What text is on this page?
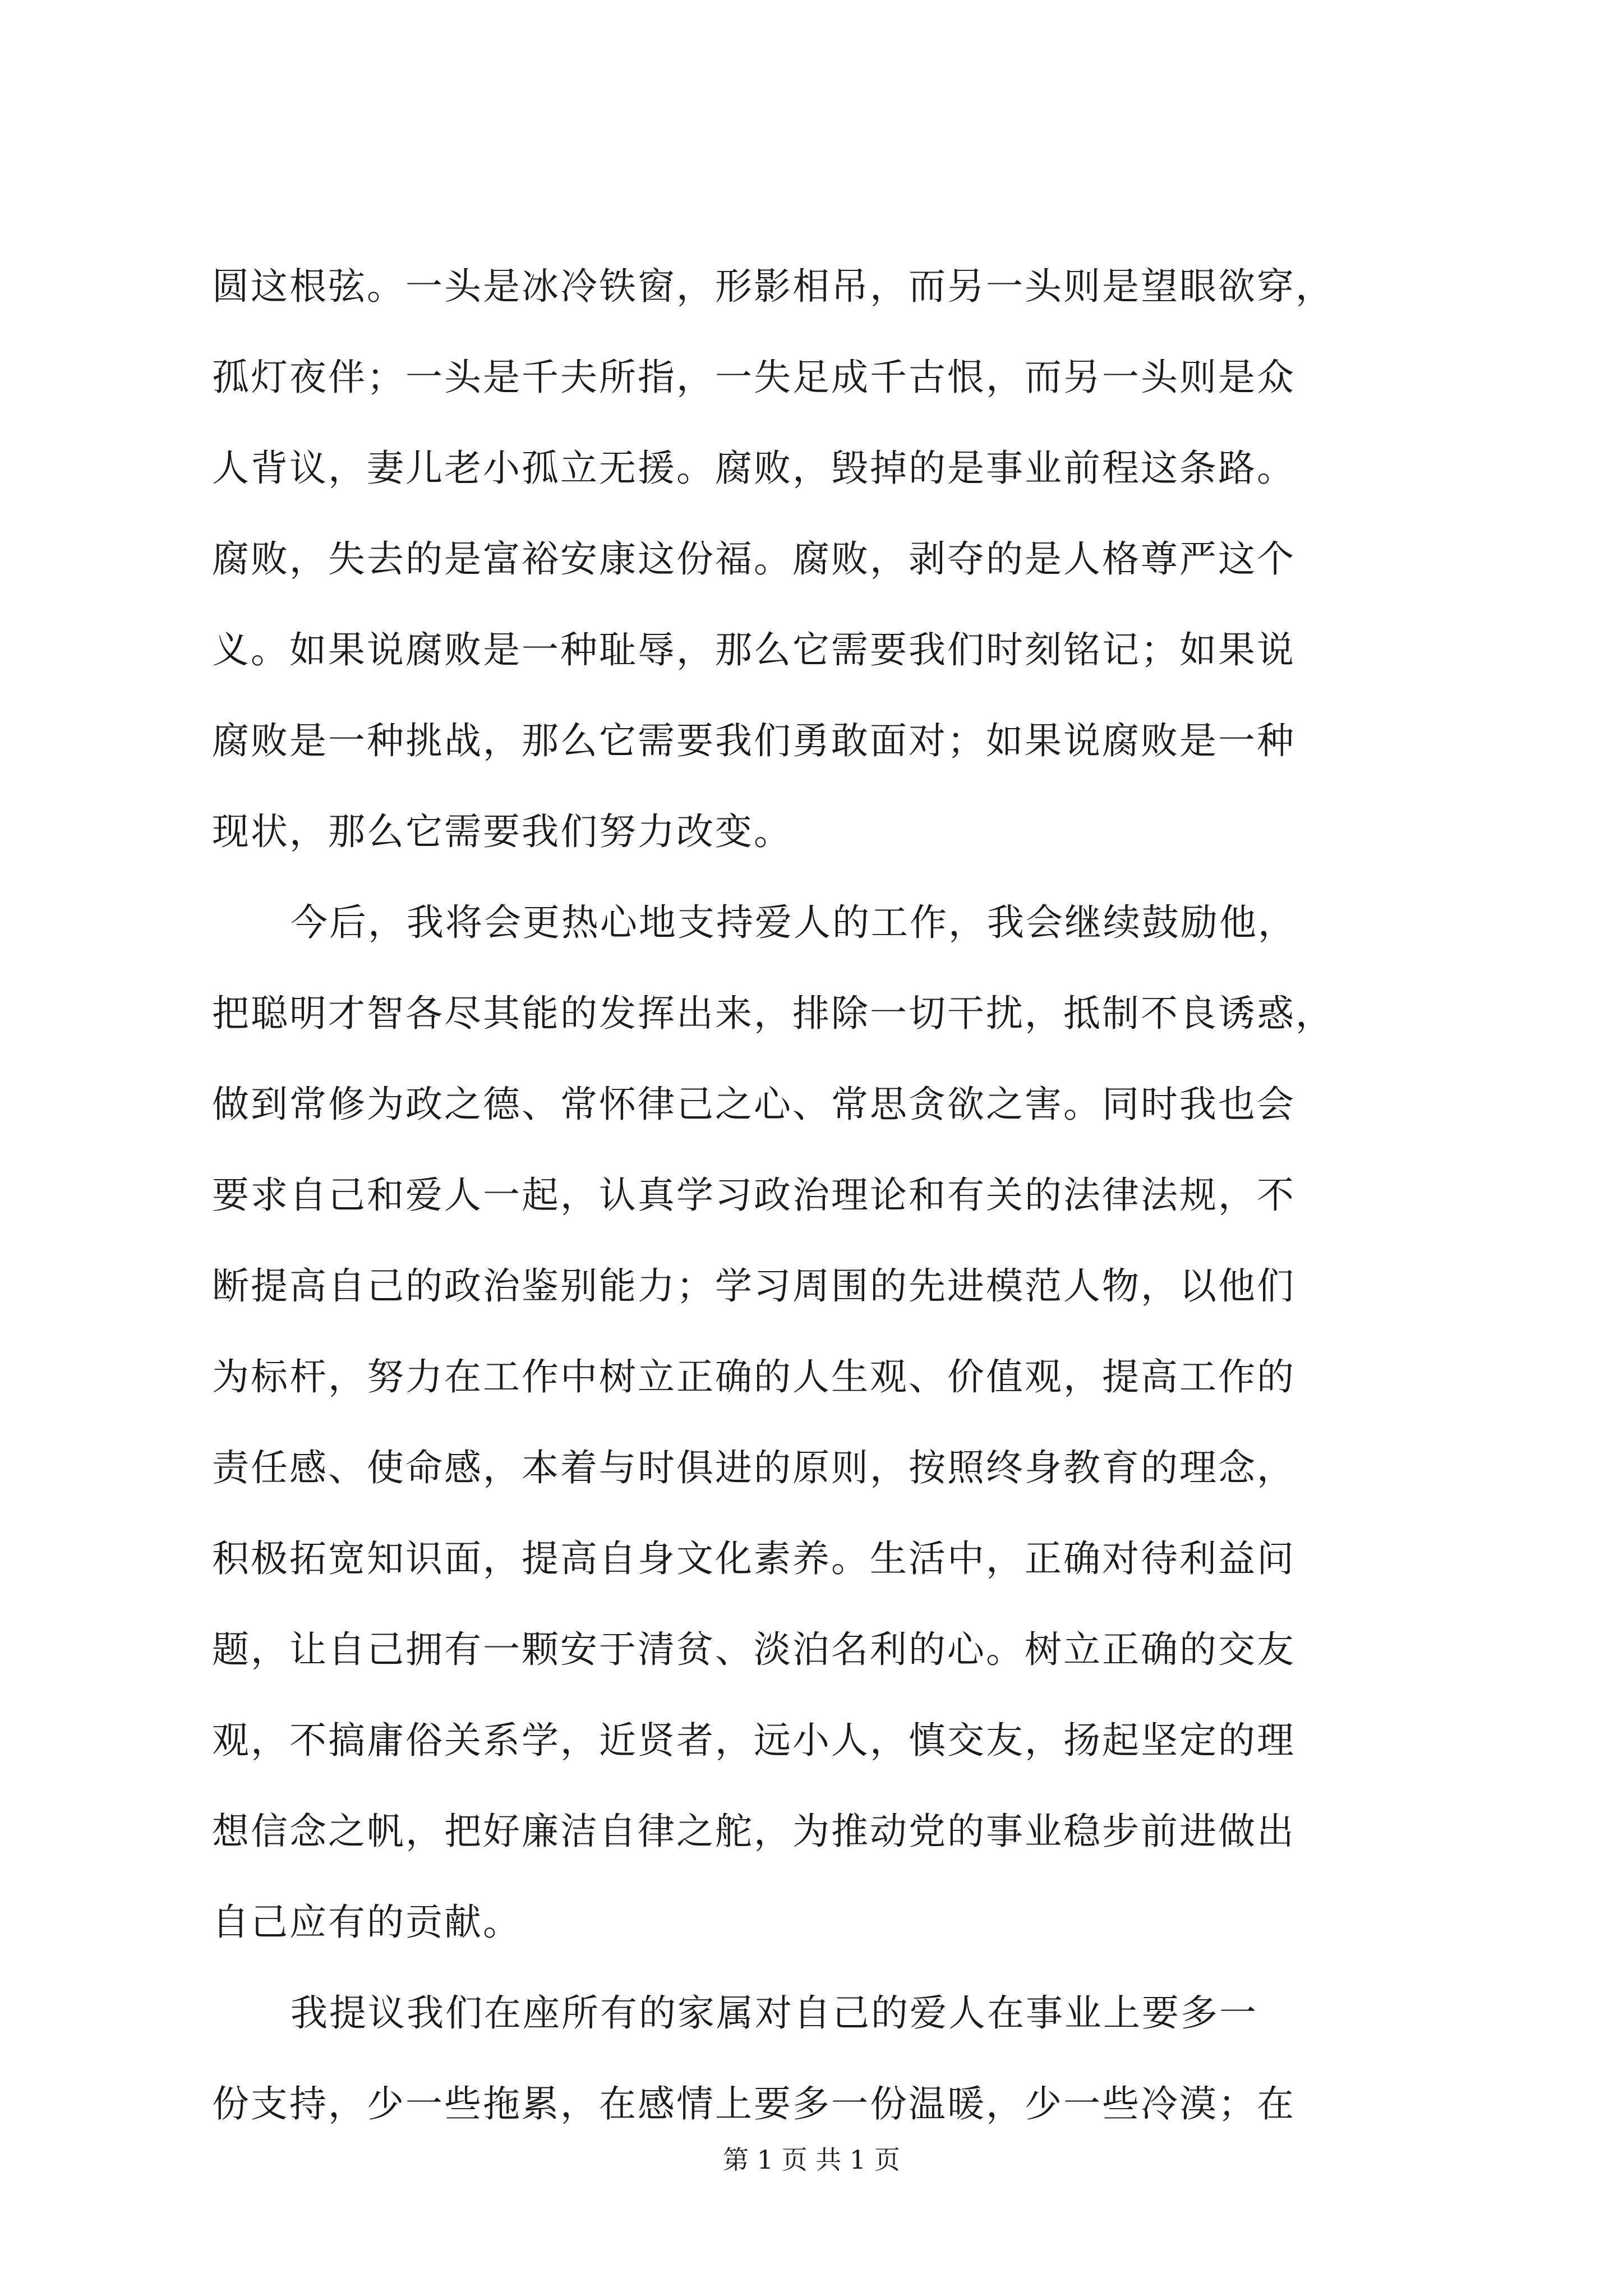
圆这根弦。一头是冰冷铁窗，形影相吊，而另一头则是望眼欲穿，
孤灯夜伴；一头是千夫所指，一失足成千古恨，而另一头则是众
人背议，妻儿老小孤立无援。腐败，毁掉的是事业前程这条路。
腐败，失去的是富裕安康这份福。腐败，剥夺的是人格尊严这个
义。如果说腐败是一种耻辱，那么它需要我们时刻铭记；如果说
腐败是一种挑战，那么它需要我们勇敢面对；如果说腐败是一种
现状，那么它需要我们努力改变。
今后，我将会更热心地支持爱人的工作，我会继续鼓励他，
把聪明才智各尽其能的发挥出来，排除一切干扰，抵制不良诱惑，
做到常修为政之德、常怀律己之心、常思贪欲之害。同时我也会
要求自己和爱人一起，认真学习政治理论和有关的法律法规，不
断提高自己的政治鉴别能力；学习周围的先进模范人物，以他们
为标杆，努力在工作中树立正确的人生观、价值观，提高工作的
责任感、使命感，本着与时俱进的原则，按照终身教育的理念，
积极拓宽知识面，提高自身文化素养。生活中，正确对待利益问
题，让自己拥有一颗安于清贫、淡泊名利的心。树立正确的交友
观，不搞庸俗关系学，近贤者，远小人，慎交友，扬起坚定的理
想信念之帆，把好廉洁自律之舵，为推动党的事业稳步前进做出
自己应有的贡献。
我提议我们在座所有的家属对自己的爱人在事业上要多一
份支持，少一些拖累，在感情上要多一份温暖，少一些冷漠；在
第 1 页 共 1 页
